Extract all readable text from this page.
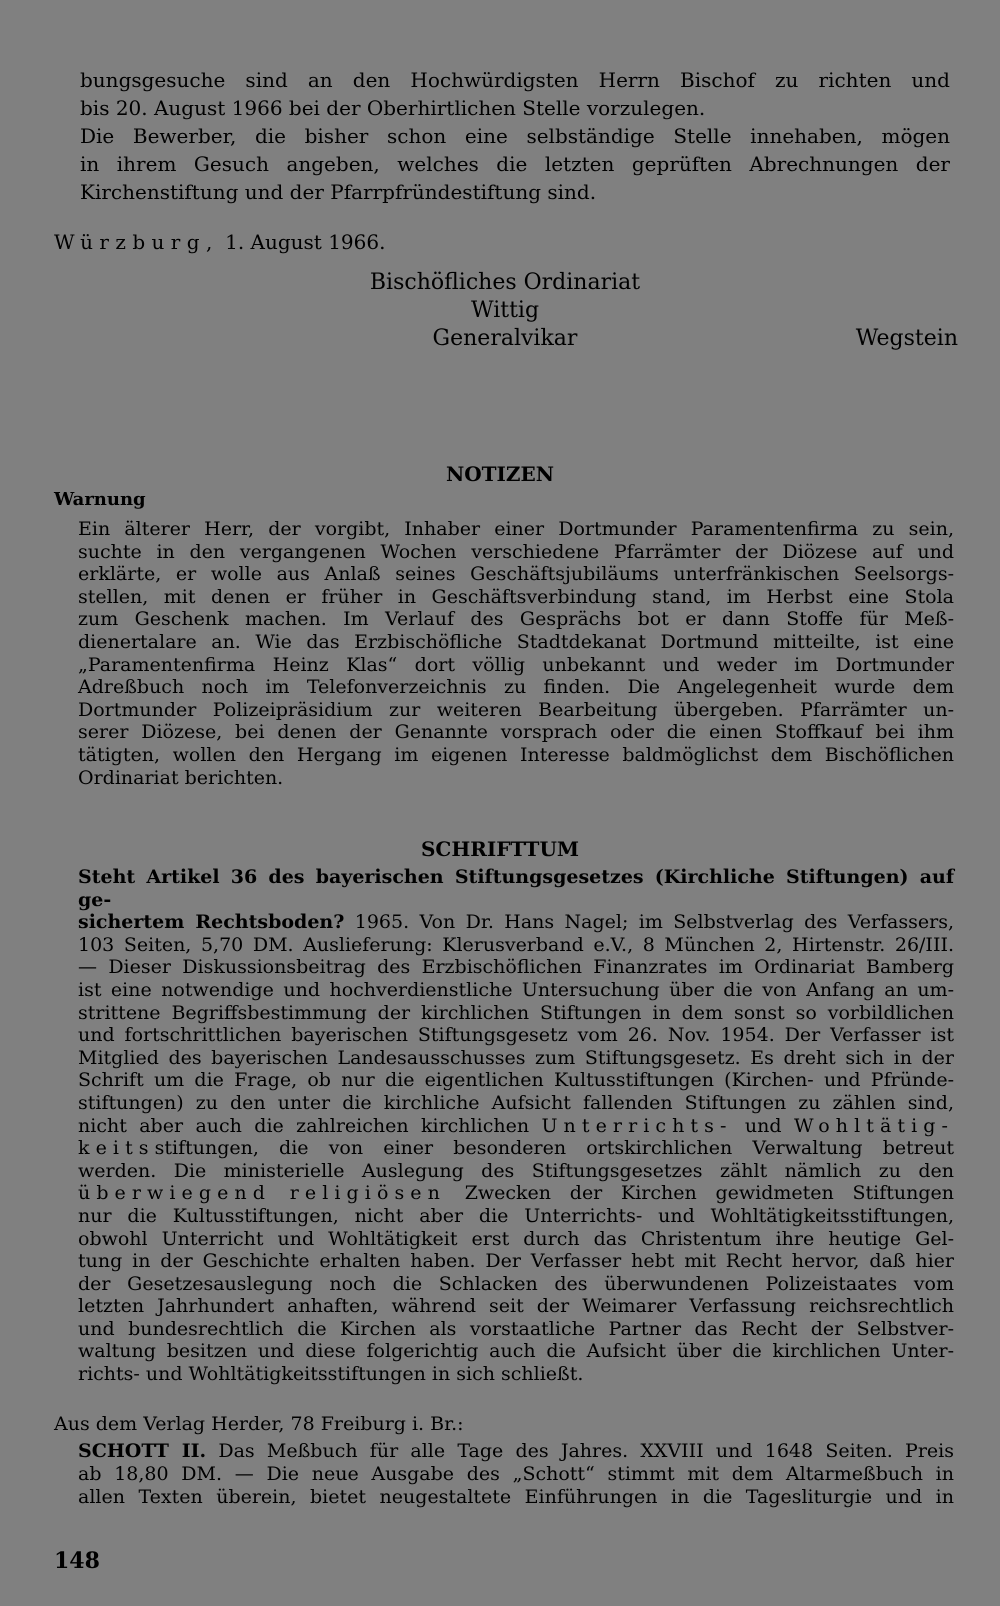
bungsgesuche sind an den Hochwürdigsten Herrn Bischof zu richten und
bis 20. August 1966 bei der Oberhirtlichen Stelle vorzulegen.
Die Bewerber, die bisher schon eine selbständige Stelle innehaben, mögen
in ihrem Gesuch angeben, welches die letzten geprüften Abrechnungen der
Kirchenstiftung und der Pfarrpfründestiftung sind.
Würzburg, 1. August 1966.
Bischöfliches Ordinariat
Wittig
Generalvikar	Wegstein
NOTIZEN
Warnung
Ein älterer Herr, der vorgibt, Inhaber einer Dortmunder Paramentenfirma zu sein,
suchte in den vergangenen Wochen verschiedene Pfarrämter der Diözese auf und
erklärte, er wolle aus Anlaß seines Geschäftsjubiläums unterfränkischen Seelsorgs-
stellen, mit denen er früher in Geschäftsverbindung stand, im Herbst eine Stola
zum Geschenk machen. Im Verlauf des Gesprächs bot er dann Stoffe für Meß-
dienertalare an. Wie das Erzbischöfliche Stadtdekanat Dortmund mitteilte, ist eine
„Paramentenfirma Heinz Klas“ dort völlig unbekannt und weder im Dortmunder
Adreßbuch noch im Telefonverzeichnis zu finden. Die Angelegenheit wurde dem
Dortmunder Polizeipräsidium zur weiteren Bearbeitung übergeben. Pfarrämter un-
serer Diözese, bei denen der Genannte vorsprach oder die einen Stoffkauf bei ihm
tätigten, wollen den Hergang im eigenen Interesse baldmöglichst dem Bischöflichen
Ordinariat berichten.
SCHRIFTTUM
Steht Artikel 36 des bayerischen Stiftungsgesetzes (Kirchliche Stiftungen) auf ge-
sichertem Rechtsboden? 1965. Von Dr. Hans Nagel; im Selbstverlag des Verfassers,
103 Seiten, 5,70 DM. Auslieferung: Klerusverband e.V., 8 München 2, Hirtenstr. 26/III.
— Dieser Diskussionsbeitrag des Erzbischöflichen Finanzrates im Ordinariat Bamberg
ist eine notwendige und hochverdienstliche Untersuchung über die von Anfang an um-
strittene Begriffsbestimmung der kirchlichen Stiftungen in dem sonst so vorbildlichen
und fortschrittlichen bayerischen Stiftungsgesetz vom 26. Nov. 1954. Der Verfasser ist
Mitglied des bayerischen Landesausschusses zum Stiftungsgesetz. Es dreht sich in der
Schrift um die Frage, ob nur die eigentlichen Kultusstiftungen (Kirchen- und Pfründe-
stiftungen) zu den unter die kirchliche Aufsicht fallenden Stiftungen zu zählen sind,
nicht aber auch die zahlreichen kirchlichen Unterrichts- und Wohltätig-
keitsstiftungen, die von einer besonderen ortskirchlichen Verwaltung betreut
werden. Die ministerielle Auslegung des Stiftungsgesetzes zählt nämlich zu den
überwiegend religiösen Zwecken der Kirchen gewidmeten Stiftungen
nur die Kultusstiftungen, nicht aber die Unterrichts- und Wohltätigkeitsstiftungen,
obwohl Unterricht und Wohltätigkeit erst durch das Christentum ihre heutige Gel-
tung in der Geschichte erhalten haben. Der Verfasser hebt mit Recht hervor, daß hier
der Gesetzesauslegung noch die Schlacken des überwundenen Polizeistaates vom
letzten Jahrhundert anhaften, während seit der Weimarer Verfassung reichsrechtlich
und bundesrechtlich die Kirchen als vorstaatliche Partner das Recht der Selbstver-
waltung besitzen und diese folgerichtig auch die Aufsicht über die kirchlichen Unter-
richts- und Wohltätigkeitsstiftungen in sich schließt.
Aus dem Verlag Herder, 78 Freiburg i. Br.:
SCHOTT II. Das Meßbuch für alle Tage des Jahres. XXVIII und 1648 Seiten. Preis
ab 18,80 DM. — Die neue Ausgabe des „Schott“ stimmt mit dem Altarmeßbuch in
allen Texten überein, bietet neugestaltete Einführungen in die Tagesliturgie und in
148
